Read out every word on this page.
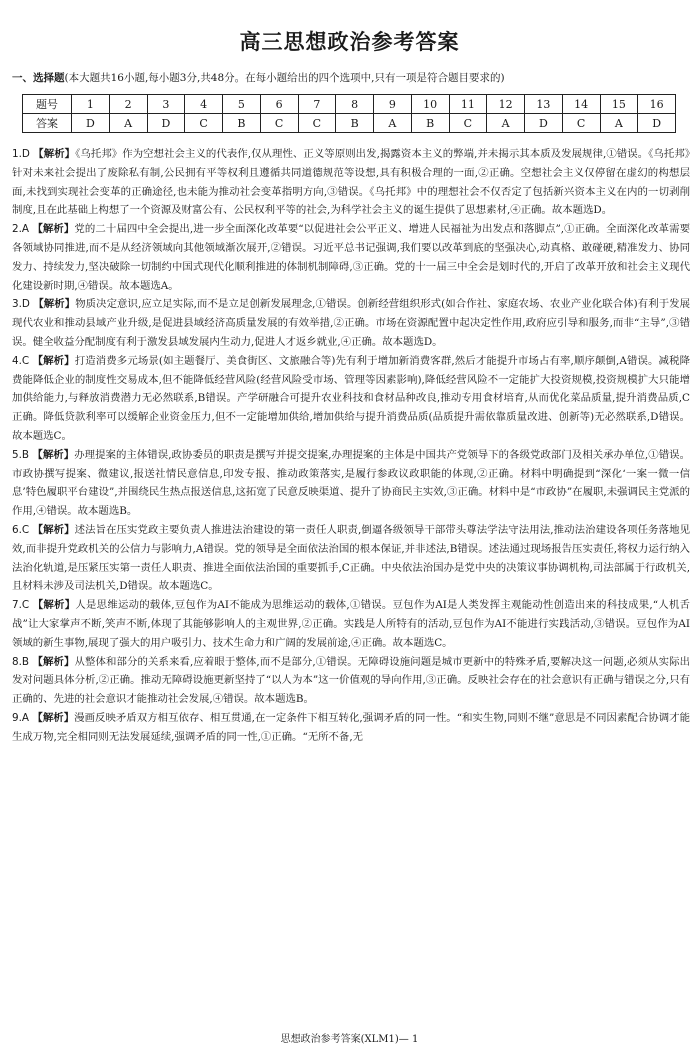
高三思想政治参考答案
一、选择题(本大题共16小题,每小题3分,共48分。在每小题给出的四个选项中,只有一项是符合题目要求的)
题号	1	2	3	4	5	6	7	8	9	10	11	12	13	14	15	16
答案	D	A	D	C	B	C	C	B	A	B	C	A	D	C	A	D

1.D 【解析】《乌托邦》作为空想社会主义的代表作,仅从理性、正义等原则出发,揭露资本主义的弊端,并未揭示其本质及发展规律,①错误。《乌托邦》针对未来社会提出了废除私有制,公民拥有平等权利且遵循共同道德规范等设想,具有积极合理的一面,②正确。空想社会主义仅停留在虚幻的构想层面,未找到实现社会变革的正确途径,也未能为推动社会变革指明方向,③错误。《乌托邦》中的理想社会不仅否定了包括新兴资本主义在内的一切剥削制度,且在此基础上构想了一个资源及财富公有、公民权利平等的社会,为科学社会主义的诞生提供了思想素材,④正确。故本题选D。

2.A 【解析】党的二十届四中全会提出,进一步全面深化改革要“以促进社会公平正义、增进人民福祉为出发点和落脚点”,①正确。全面深化改革需要各领域协同推进,而不是从经济领域向其他领域渐次展开,②错误。习近平总书记强调,我们要以改革到底的坚强决心,动真格、敢碰硬,精准发力、协同发力、持续发力,坚决破除一切制约中国式现代化顺利推进的体制机制障碍,③正确。党的十一届三中全会是划时代的,开启了改革开放和社会主义现代化建设新时期,④错误。故本题选A。

3.D 【解析】物质决定意识,应立足实际,而不是立足创新发展理念,①错误。创新经营组织形式(如合作社、家庭农场、农业产业化联合体)有利于发展现代农业和推动县域产业升级,是促进县域经济高质量发展的有效举措,②正确。市场在资源配置中起决定性作用,政府应引导和服务,而非“主导”,③错误。健全收益分配制度有利于激发县域发展内生动力,促进人才返乡就业,④正确。故本题选D。

4.C 【解析】打造消费多元场景(如主题餐厅、美食街区、文旅融合等)先有利于增加新消费客群,然后才能提升市场占有率,顺序颠倒,A错误。减税降费能降低企业的制度性交易成本,但不能降低经营风险(经营风险受市场、管理等因素影响),降低经营风险不一定能扩大投资规模,投资规模扩大只能增加供给能力,与释放消费潜力无必然联系,B错误。产学研融合可提升农业科技和食材品种改良,推动专用食材培育,从而优化菜品质量,提升消费品质,C正确。降低贷款利率可以缓解企业资金压力,但不一定能增加供给,增加供给与提升消费品质(品质提升需依靠质量改进、创新等)无必然联系,D错误。故本题选C。

5.B 【解析】办理提案的主体错误,政协委员的职责是撰写并提交提案,办理提案的主体是中国共产党领导下的各级党政部门及相关承办单位,①错误。市政协撰写提案、微建议,报送社情民意信息,印发专报、推动政策落实,是履行参政议政职能的体现,②正确。材料中明确提到“深化‘一案一微一信息’特色履职平台建设”,并围绕民生热点报送信息,这拓宽了民意反映渠道、提升了协商民主实效,③正确。材料中是“市政协”在履职,未强调民主党派的作用,④错误。故本题选B。

6.C 【解析】述法旨在压实党政主要负责人推进法治建设的第一责任人职责,倒逼各级领导干部带头尊法学法守法用法,推动法治建设各项任务落地见效,而非提升党政机关的公信力与影响力,A错误。党的领导是全面依法治国的根本保证,并非述法,B错误。述法通过现场报告压实责任,将权力运行纳入法治化轨道,是压紧压实第一责任人职责、推进全面依法治国的重要抓手,C正确。中央依法治国办是党中央的决策议事协调机构,司法部属于行政机关,且材料未涉及司法机关,D错误。故本题选C。

7.C 【解析】人是思维运动的载体,豆包作为AI不能成为思维运动的载体,①错误。豆包作为AI是人类发挥主观能动性创造出来的科技成果,“人机舌战”让大家掌声不断,笑声不断,体现了其能够影响人的主观世界,②正确。实践是人所特有的活动,豆包作为AI不能进行实践活动,③错误。豆包作为AI领域的新生事物,展现了强大的用户吸引力、技术生命力和广阔的发展前途,④正确。故本题选C。

8.B 【解析】从整体和部分的关系来看,应着眼于整体,而不是部分,①错误。无障碍设施问题是城市更新中的特殊矛盾,要解决这一问题,必须从实际出发对问题具体分析,②正确。推动无障碍设施更新坚持了“以人为本”这一价值观的导向作用,③正确。反映社会存在的社会意识有正确与错误之分,只有正确的、先进的社会意识才能推动社会发展,④错误。故本题选B。

9.A 【解析】漫画反映矛盾双方相互依存、相互贯通,在一定条件下相互转化,强调矛盾的同一性。“和实生物,同则不继”意思是不同因素配合协调才能生成万物,完全相同则无法发展延续,强调矛盾的同一性,①正确。“无所不备,无

思想政治参考答案(XLM1)— 1
